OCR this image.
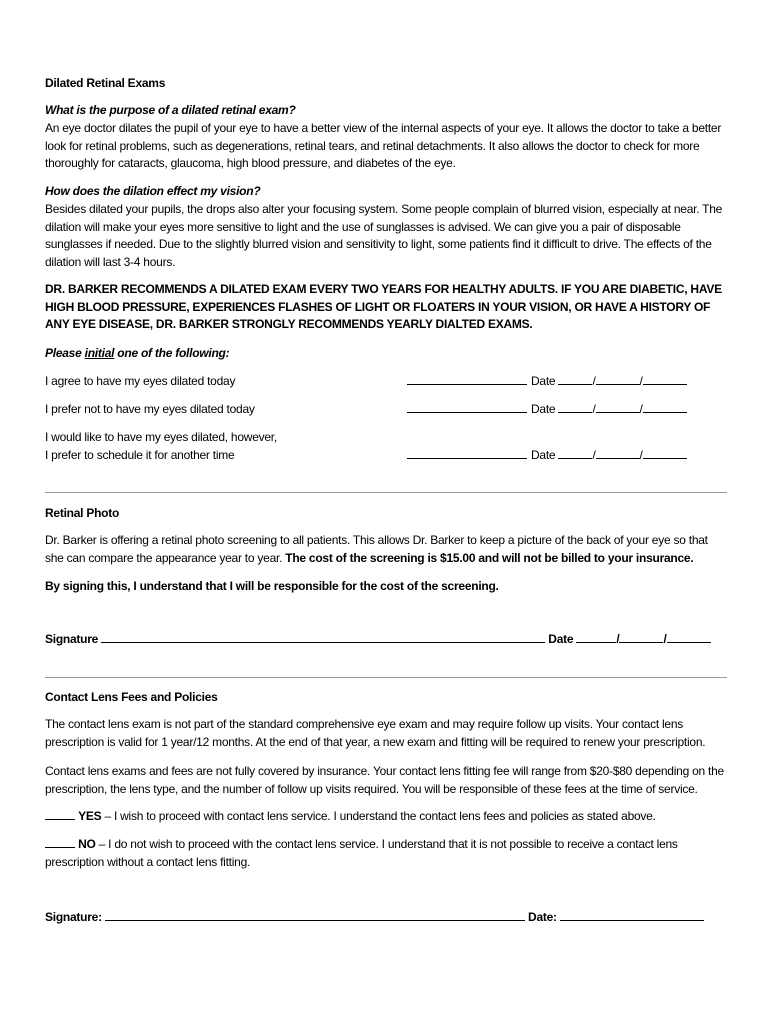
Dilated Retinal Exams
What is the purpose of a dilated retinal exam?
An eye doctor dilates the pupil of your eye to have a better view of the internal aspects of your eye. It allows the doctor to take a better look for retinal problems, such as degenerations, retinal tears, and retinal detachments. It also allows the doctor to check for more thoroughly for cataracts, glaucoma, high blood pressure, and diabetes of the eye.
How does the dilation effect my vision?
Besides dilated your pupils, the drops also alter your focusing system. Some people complain of blurred vision, especially at near. The dilation will make your eyes more sensitive to light and the use of sunglasses is advised. We can give you a pair of disposable sunglasses if needed. Due to the slightly blurred vision and sensitivity to light, some patients find it difficult to drive. The effects of the dilation will last 3-4 hours.
DR. BARKER RECOMMENDS A DILATED EXAM EVERY TWO YEARS FOR HEALTHY ADULTS. IF YOU ARE DIABETIC, HAVE HIGH BLOOD PRESSURE, EXPERIENCES FLASHES OF LIGHT OR FLOATERS IN YOUR VISION, OR HAVE A HISTORY OF ANY EYE DISEASE, DR. BARKER STRONGLY RECOMMENDS YEARLY DIALTED EXAMS.
Please initial one of the following:
I agree to have my eyes dilated today	Date	/	/
I prefer not to have my eyes dilated today	Date	/	/
I would like to have my eyes dilated, however,
I prefer to schedule it for another time	Date	/	/
Retinal Photo
Dr. Barker is offering a retinal photo screening to all patients. This allows Dr. Barker to keep a picture of the back of your eye so that she can compare the appearance year to year. The cost of the screening is $15.00 and will not be billed to your insurance.
By signing this, I understand that I will be responsible for the cost of the screening.
Signature	Date	/	/
Contact Lens Fees and Policies
The contact lens exam is not part of the standard comprehensive eye exam and may require follow up visits. Your contact lens prescription is valid for 1 year/12 months. At the end of that year, a new exam and fitting will be required to renew your prescription.
Contact lens exams and fees are not fully covered by insurance. Your contact lens fitting fee will range from $20-$80 depending on the prescription, the lens type, and the number of follow up visits required. You will be responsible of these fees at the time of service.
YES – I wish to proceed with contact lens service. I understand the contact lens fees and policies as stated above.
NO – I do not wish to proceed with the contact lens service. I understand that it is not possible to receive a contact lens prescription without a contact lens fitting.
Signature:	Date:
